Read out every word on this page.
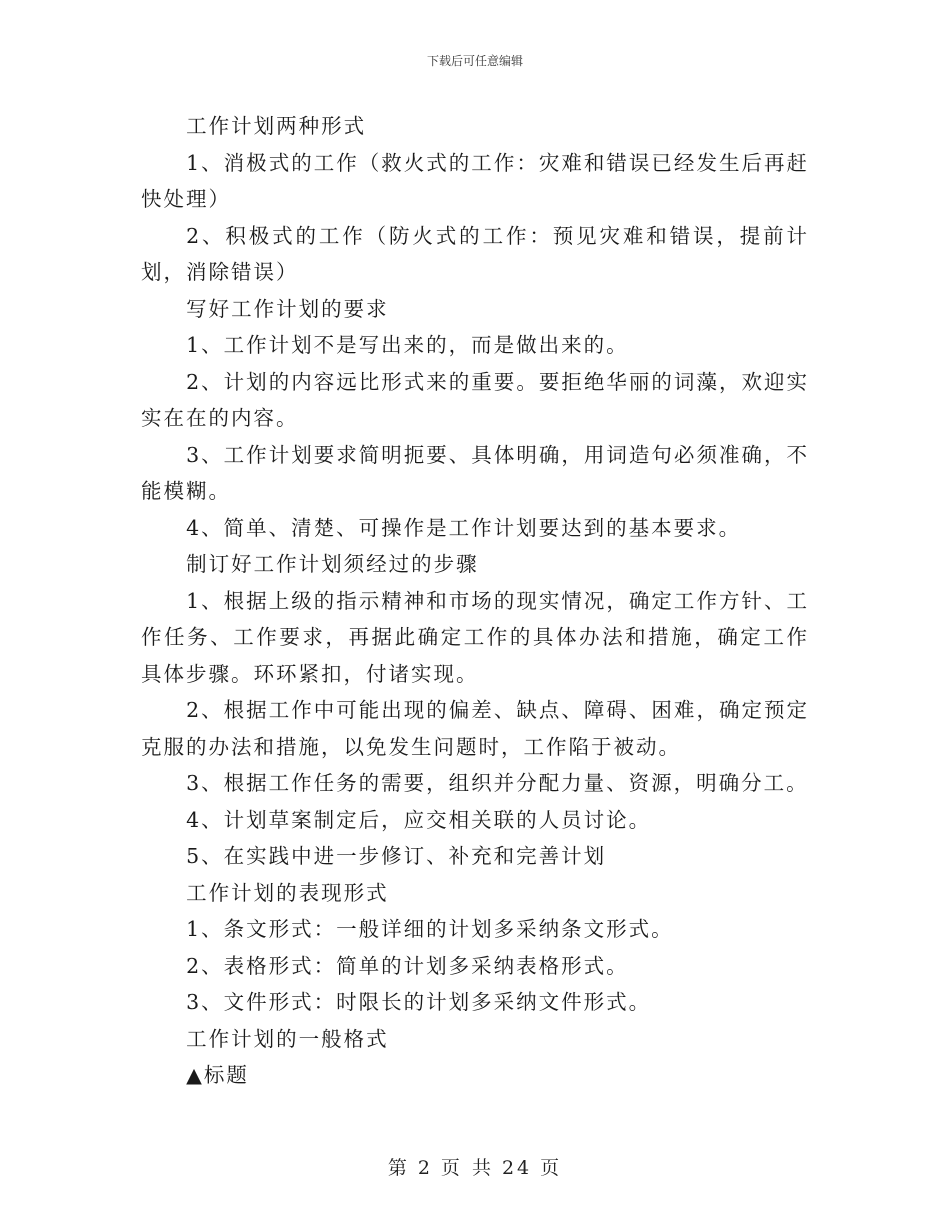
下载后可任意编辑

工作计划两种形式

1、消极式的工作（救火式的工作：灾难和错误已经发生后再赶快处理）

2、积极式的工作（防火式的工作：预见灾难和错误，提前计划，消除错误）

写好工作计划的要求

1、工作计划不是写出来的，而是做出来的。

2、计划的内容远比形式来的重要。要拒绝华丽的词藻，欢迎实实在在的内容。

3、工作计划要求简明扼要、具体明确，用词造句必须准确，不能模糊。

4、简单、清楚、可操作是工作计划要达到的基本要求。

制订好工作计划须经过的步骤

1、根据上级的指示精神和市场的现实情况，确定工作方针、工作任务、工作要求，再据此确定工作的具体办法和措施，确定工作具体步骤。环环紧扣，付诸实现。

2、根据工作中可能出现的偏差、缺点、障碍、困难，确定预定克服的办法和措施，以免发生问题时，工作陷于被动。

3、根据工作任务的需要，组织并分配力量、资源，明确分工。

4、计划草案制定后，应交相关联的人员讨论。

5、在实践中进一步修订、补充和完善计划

工作计划的表现形式

1、条文形式：一般详细的计划多采纳条文形式。

2、表格形式：简单的计划多采纳表格形式。

3、文件形式：时限长的计划多采纳文件形式。

工作计划的一般格式

▲标题

第 2 页 共 24 页
